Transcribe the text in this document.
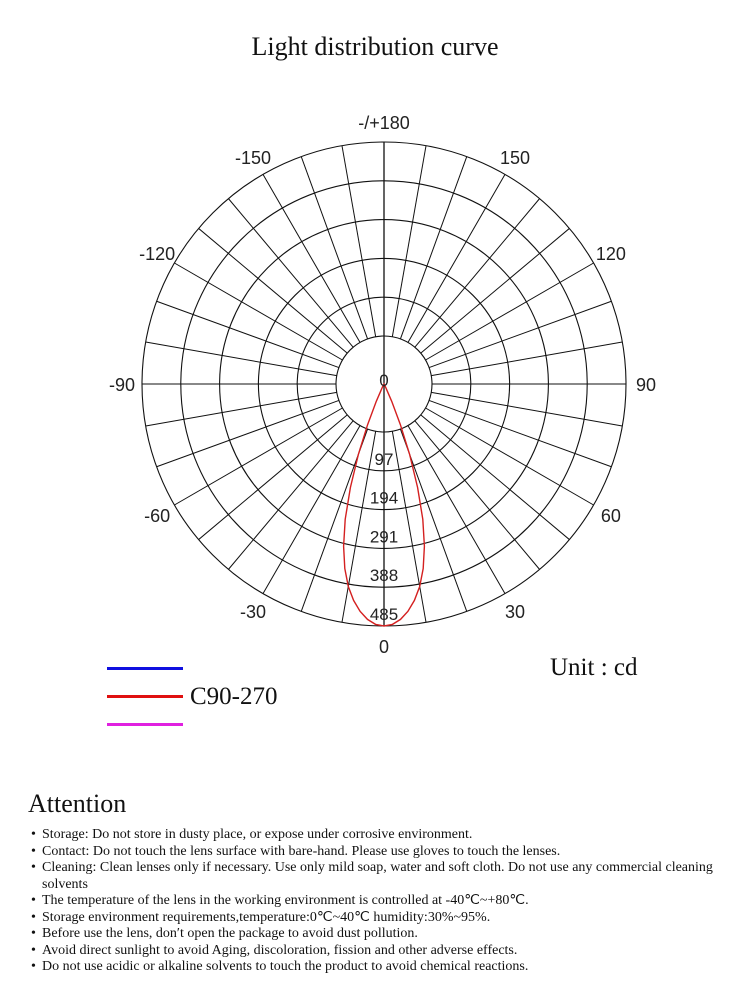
Light distribution curve
-/+180
150
120
90
60
30
0
-30
-60
-90
-120
-150
0
97
194
291
388
485
Unit : cd
C90-270
Attention
• Storage: Do not store in dusty place, or expose under corrosive environment.
• Contact: Do not touch the lens surface with bare-hand. Please use gloves to touch the lenses.
• Cleaning: Clean lenses only if necessary. Use only mild soap, water and soft cloth. Do not use any commercial cleaning solvents
• The temperature of the lens in the working environment is controlled at -40℃~+80℃.
• Storage environment requirements,temperature:0℃~40℃ humidity:30%~95%.
• Before use the lens, don′t open the package to avoid dust pollution.
• Avoid direct sunlight to avoid Aging, discoloration, fission and other adverse effects.
• Do not use acidic or alkaline solvents to touch the product to avoid chemical reactions.
